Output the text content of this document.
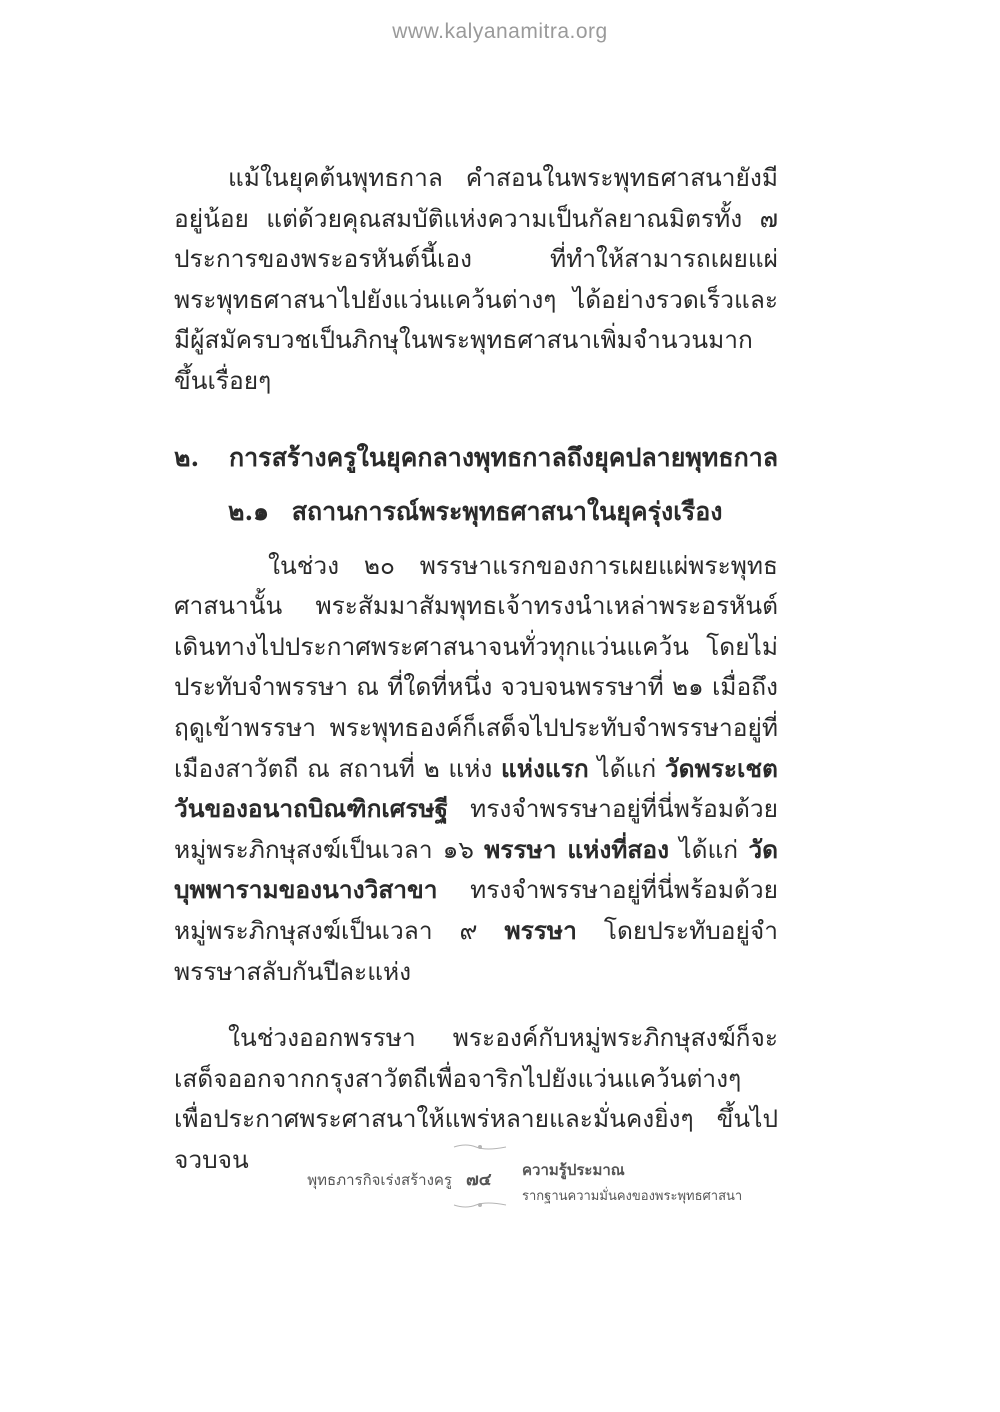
www.kalyanamitra.org

แม้ในยุคต้นพุทธกาล คำสอนในพระพุทธศาสนายังมีอยู่น้อย แต่ด้วยคุณสมบัติแห่งความเป็นกัลยาณมิตรทั้ง ๗ ประการของพระอรหันต์นี้เอง ที่ทำให้สามารถเผยแผ่พระพุทธศาสนาไปยังแว่นแคว้นต่างๆ ได้อย่างรวดเร็วและมีผู้สมัครบวชเป็นภิกษุในพระพุทธศาสนาเพิ่มจำนวนมากขึ้นเรื่อยๆ

๒.	การสร้างครูในยุคกลางพุทธกาลถึงยุคปลายพุทธกาล
๒.๑ สถานการณ์พระพุทธศาสนาในยุครุ่งเรือง

ในช่วง ๒๐ พรรษาแรกของการเผยแผ่พระพุทธศาสนานั้น พระสัมมาสัมพุทธเจ้าทรงนำเหล่าพระอรหันต์เดินทางไปประกาศพระศาสนาจนทั่วทุกแว่นแคว้น โดยไม่ประทับจำพรรษา ณ ที่ใดที่หนึ่ง จวบจนพรรษาที่ ๒๑ เมื่อถึงฤดูเข้าพรรษา พระพุทธองค์ก็เสด็จไปประทับจำพรรษาอยู่ที่เมืองสาวัตถี ณ สถานที่ ๒ แห่ง แห่งแรก ได้แก่ วัดพระเชตวันของอนาถบิณฑิกเศรษฐี ทรงจำพรรษาอยู่ที่นี่พร้อมด้วยหมู่พระภิกษุสงฆ์เป็นเวลา ๑๖ พรรษา แห่งที่สอง ได้แก่ วัดบุพพารามของนางวิสาขา ทรงจำพรรษาอยู่ที่นี่พร้อมด้วยหมู่พระภิกษุสงฆ์เป็นเวลา ๙ พรรษา โดยประทับอยู่จำพรรษาสลับกันปีละแห่ง

ในช่วงออกพรรษา พระองค์กับหมู่พระภิกษุสงฆ์ก็จะเสด็จออกจากกรุงสาวัตถีเพื่อจาริกไปยังแว่นแคว้นต่างๆ เพื่อประกาศพระศาสนาให้แพร่หลายและมั่นคงยิ่งๆ ขึ้นไป จวบจน

พุทธภารกิจเร่งสร้างครู ๗๔ ความรู้ประมาณ
รากฐานความมั่นคงของพระพุทธศาสนา
